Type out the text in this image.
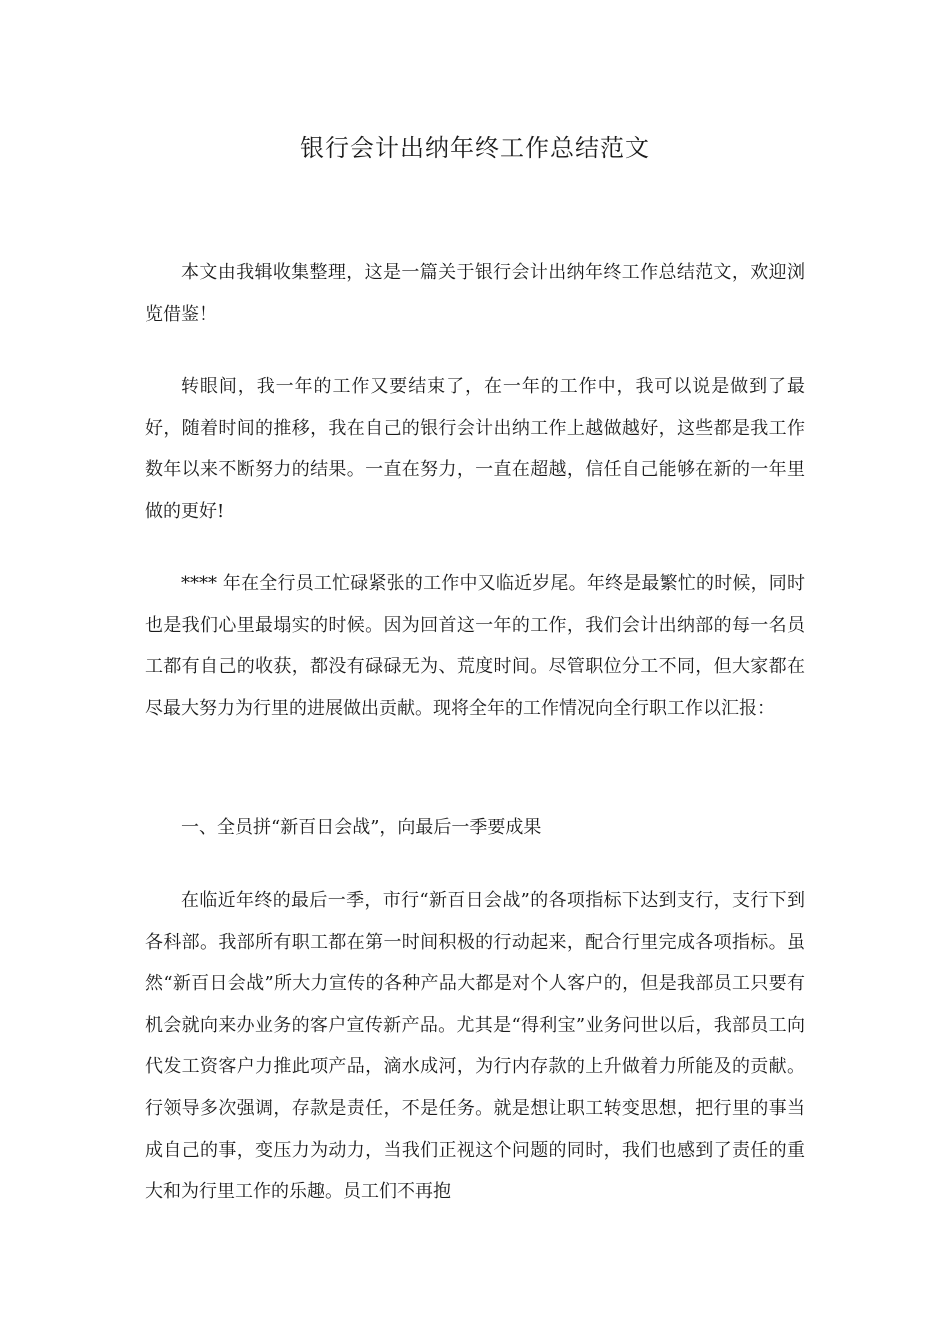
银行会计出纳年终工作总结范文

本文由我辑收集整理，这是一篇关于银行会计出纳年终工作总结范文，欢迎浏览借鉴！

转眼间，我一年的工作又要结束了，在一年的工作中，我可以说是做到了最好，随着时间的推移，我在自己的银行会计出纳工作上越做越好，这些都是我工作数年以来不断努力的结果。一直在努力，一直在超越，信任自己能够在新的一年里做的更好!

**** 年在全行员工忙碌紧张的工作中又临近岁尾。年终是最繁忙的时候，同时也是我们心里最塌实的时候。因为回首这一年的工作，我们会计出纳部的每一名员工都有自己的收获，都没有碌碌无为、荒度时间。尽管职位分工不同，但大家都在尽最大努力为行里的进展做出贡献。现将全年的工作情况向全行职工作以汇报：

一、全员拼“新百日会战”，向最后一季要成果

在临近年终的最后一季，市行“新百日会战”的各项指标下达到支行，支行下到各科部。我部所有职工都在第一时间积极的行动起来，配合行里完成各项指标。虽然“新百日会战”所大力宣传的各种产品大都是对个人客户的，但是我部员工只要有机会就向来办业务的客户宣传新产品。尤其是“得利宝”业务问世以后，我部员工向代发工资客户力推此项产品，滴水成河，为行内存款的上升做着力所能及的贡献。行领导多次强调，存款是责任，不是任务。就是想让职工转变思想，把行里的事当成自己的事，变压力为动力，当我们正视这个问题的同时，我们也感到了责任的重大和为行里工作的乐趣。员工们不再抱
